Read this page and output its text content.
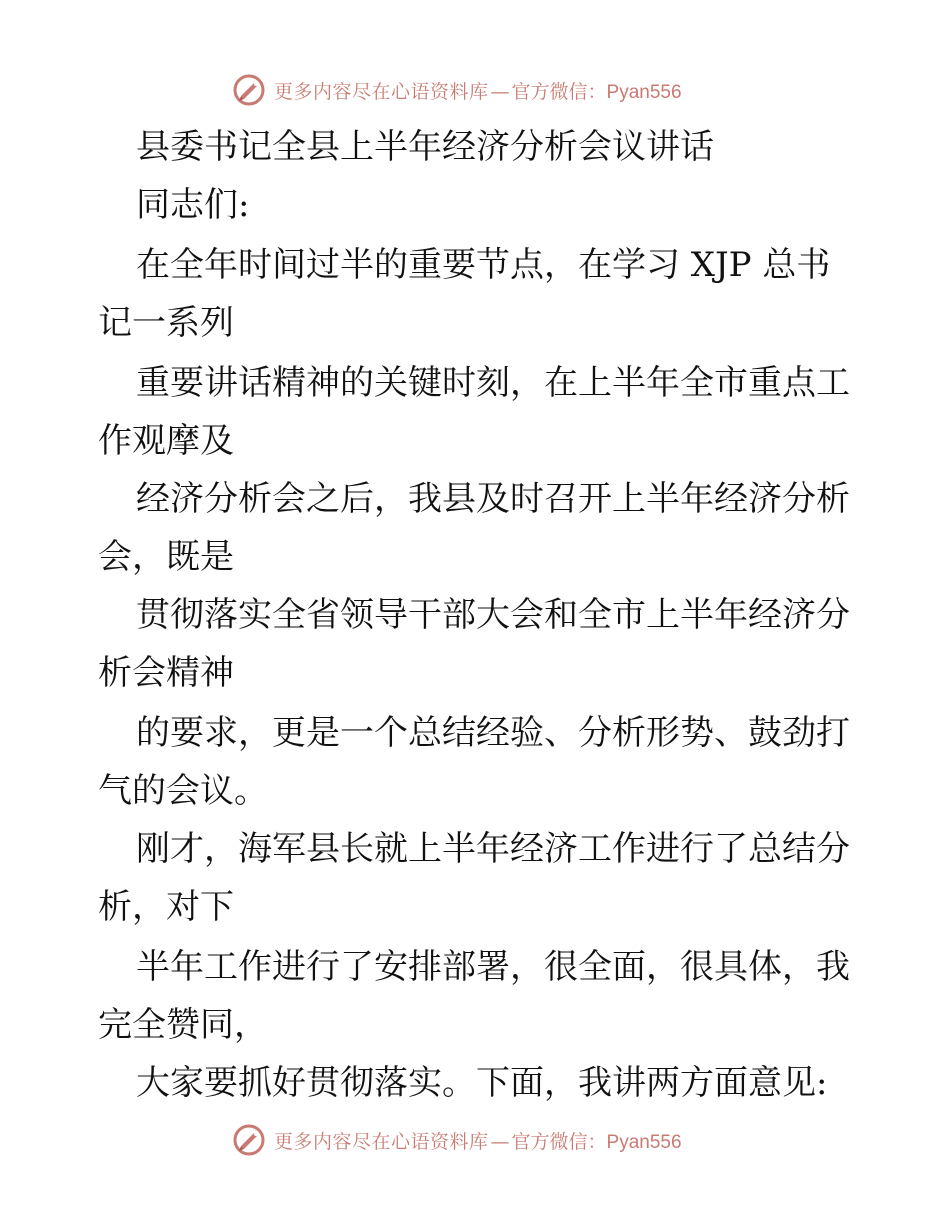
更多内容尽在心语资料库 — 官方微信： Pyan556
县委书记全县上半年经济分析会议讲话
同志们:
在全年时间过半的重要节点，在学习 XJP 总书
记一系列
重要讲话精神的关键时刻，在上半年全市重点工
作观摩及
经济分析会之后，我县及时召开上半年经济分析
会，既是
贯彻落实全省领导干部大会和全市上半年经济分
析会精神
的要求，更是一个总结经验、分析形势、鼓劲打
气的会议。
刚才，海军县长就上半年经济工作进行了总结分
析，对下
半年工作进行了安排部署，很全面，很具体，我
完全赞同，
大家要抓好贯彻落实。下面，我讲两方面意见:
更多内容尽在心语资料库 — 官方微信： Pyan556
